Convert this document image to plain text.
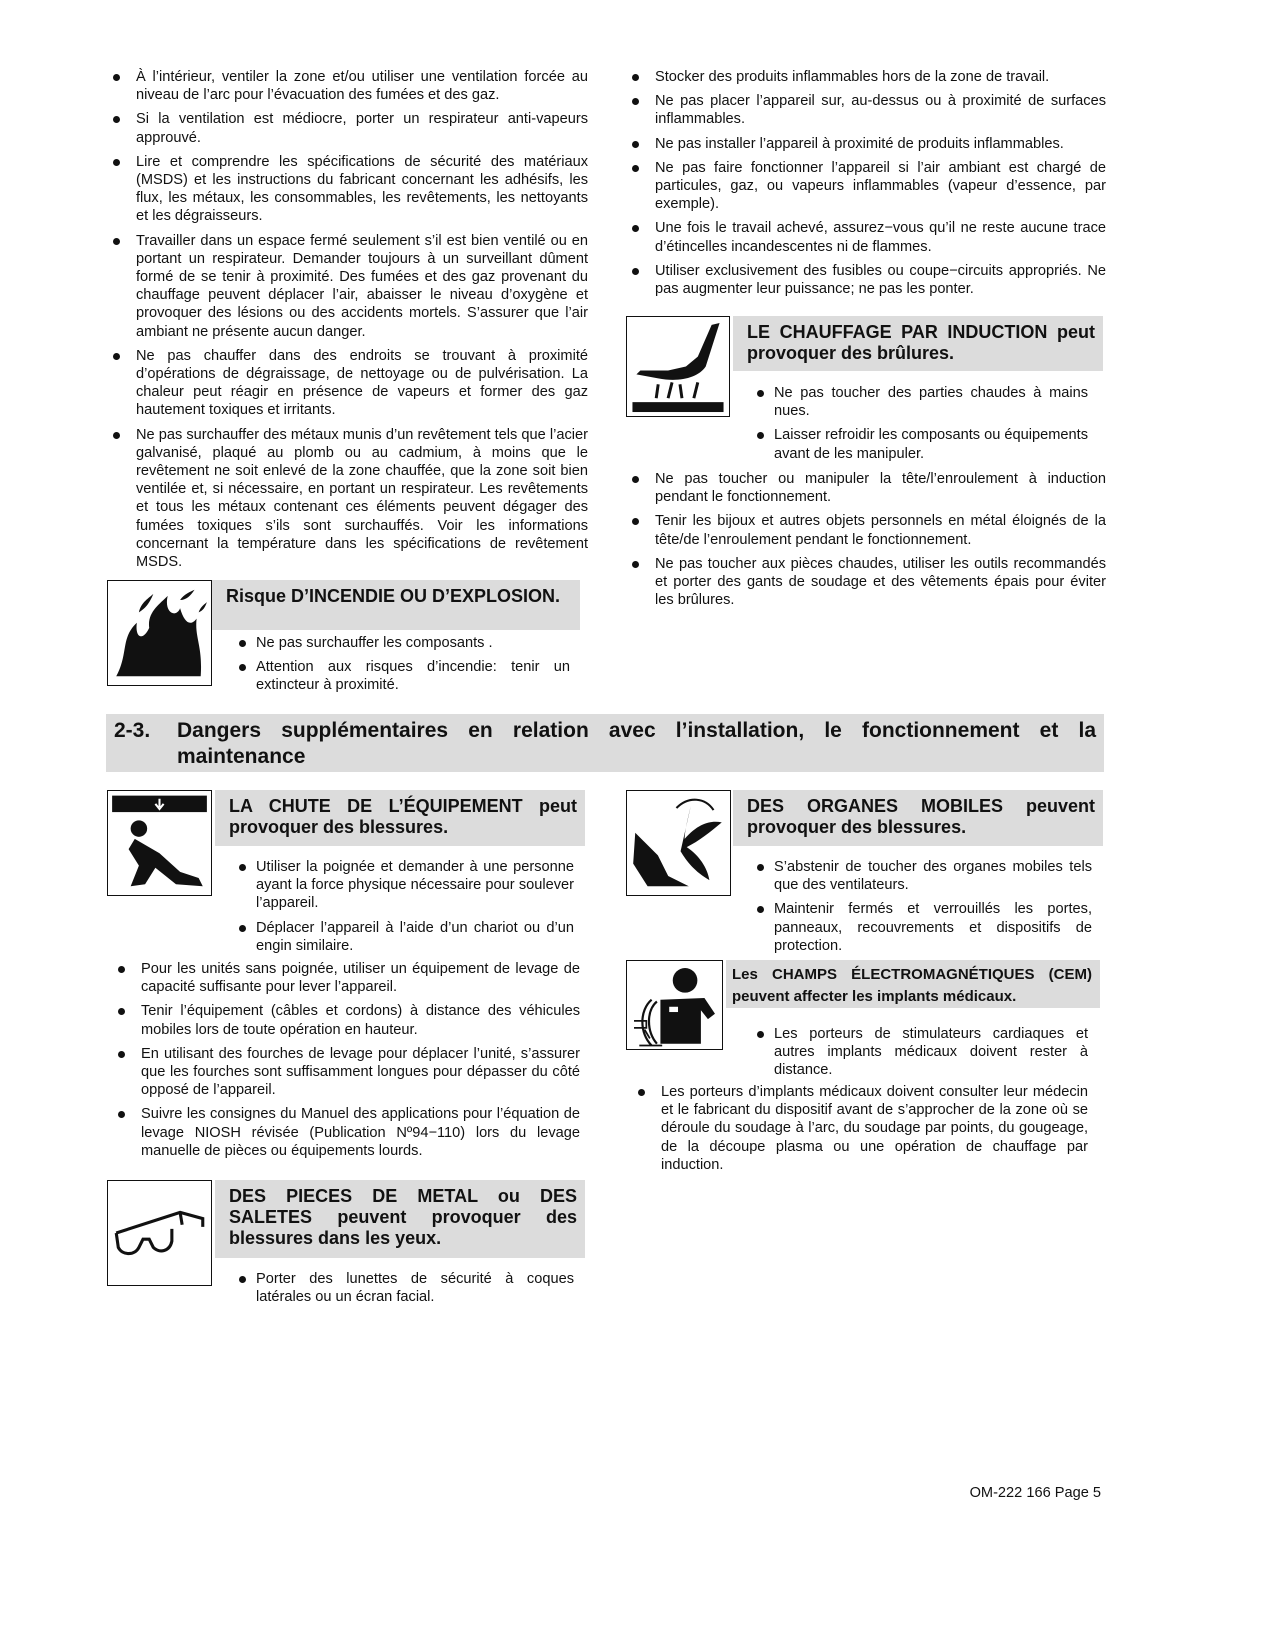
À l’intérieur, ventiler la zone et/ou utiliser une ventilation forcée au niveau de l’arc pour l’évacuation des fumées et des gaz.
Si la ventilation est médiocre, porter un respirateur anti-vapeurs approuvé.
Lire et comprendre les spécifications de sécurité des matériaux (MSDS) et les instructions du fabricant concernant les adhésifs, les flux, les métaux, les consommables, les revêtements, les nettoyants et les dégraisseurs.
Travailler dans un espace fermé seulement s’il est bien ventilé ou en portant un respirateur. Demander toujours à un surveillant dûment formé de se tenir à proximité. Des fumées et des gaz provenant du chauffage peuvent déplacer l’air, abaisser le niveau d’oxygène et provoquer des lésions ou des accidents mortels. S’assurer que l’air ambiant ne présente aucun danger.
Ne pas chauffer dans des endroits se trouvant à proximité d’opérations de dégraissage, de nettoyage ou de pulvérisation. La chaleur peut réagir en présence de vapeurs et former des gaz hautement toxiques et irritants.
Ne pas surchauffer des métaux munis d’un revêtement tels que l’acier galvanisé, plaqué au plomb ou au cadmium, à moins que le revêtement ne soit enlevé de la zone chauffée, que la zone soit bien ventilée et, si nécessaire, en portant un respirateur. Les revêtements et tous les métaux contenant ces éléments peuvent dégager des fumées toxiques s’ils sont surchauffés. Voir les informations concernant la température dans les spécifications de revêtement MSDS.
Risque D’INCENDIE OU D’EXPLOSION.
Ne pas surchauffer les composants .
Attention aux risques d’incendie: tenir un extincteur à proximité.
Stocker des produits inflammables hors de la zone de travail.
Ne pas placer l’appareil sur, au-dessus ou à proximité de surfaces inflammables.
Ne pas installer l’appareil à proximité de produits inflammables.
Ne pas faire fonctionner l’appareil si l’air ambiant est chargé de particules, gaz, ou vapeurs inflammables (vapeur d’essence, par exemple).
Une fois le travail achevé, assurez−vous qu’il ne reste aucune trace d’étincelles incandescentes ni de flammes.
Utiliser exclusivement des fusibles ou coupe−circuits appropriés. Ne pas augmenter leur puissance; ne pas les ponter.
LE CHAUFFAGE PAR INDUCTION peut provoquer des brûlures.
Ne pas toucher des parties chaudes à mains nues.
Laisser refroidir les composants ou équipements avant de les manipuler.
Ne pas toucher ou manipuler la tête/l’enroulement à induction pendant le fonctionnement.
Tenir les bijoux et autres objets personnels en métal éloignés de la tête/de l’enroulement pendant le fonctionnement.
Ne pas toucher aux pièces chaudes, utiliser les outils recommandés et porter des gants de soudage et des vêtements épais pour éviter les brûlures.
2-3. Dangers supplémentaires en relation avec l’installation, le fonctionnement et la maintenance
LA CHUTE DE L’ÉQUIPEMENT peut provoquer des blessures.
Utiliser la poignée et demander à une personne ayant la force physique nécessaire pour soulever l’appareil.
Déplacer l’appareil à l’aide d’un chariot ou d’un engin similaire.
Pour les unités sans poignée, utiliser un équipement de levage de capacité suffisante pour lever l’appareil.
Tenir l’équipement (câbles et cordons) à distance des véhicules mobiles lors de toute opération en hauteur.
En utilisant des fourches de levage pour déplacer l’unité, s’assurer que les fourches sont suffisamment longues pour dépasser du côté opposé de l’appareil.
Suivre les consignes du Manuel des applications pour l’équation de levage NIOSH révisée (Publication Nº94−110) lors du levage manuelle de pièces ou équipements lourds.
DES PIECES DE METAL ou DES SALETES peuvent provoquer des blessures dans les yeux.
Porter des lunettes de sécurité à coques latérales ou un écran facial.
DES ORGANES MOBILES peuvent provoquer des blessures.
S’abstenir de toucher des organes mobiles tels que des ventilateurs.
Maintenir fermés et verrouillés les portes, panneaux, recouvrements et dispositifs de protection.
Les CHAMPS ÉLECTROMAGNÉTIQUES (CEM) peuvent affecter les implants médicaux.
Les porteurs de stimulateurs cardiaques et autres implants médicaux doivent rester à distance.
Les porteurs d’implants médicaux doivent consulter leur médecin et le fabricant du dispositif avant de s’approcher de la zone où se déroule du soudage à l’arc, du soudage par points, du gougeage, de la découpe plasma ou une opération de chauffage par induction.
OM-222 166 Page 5
